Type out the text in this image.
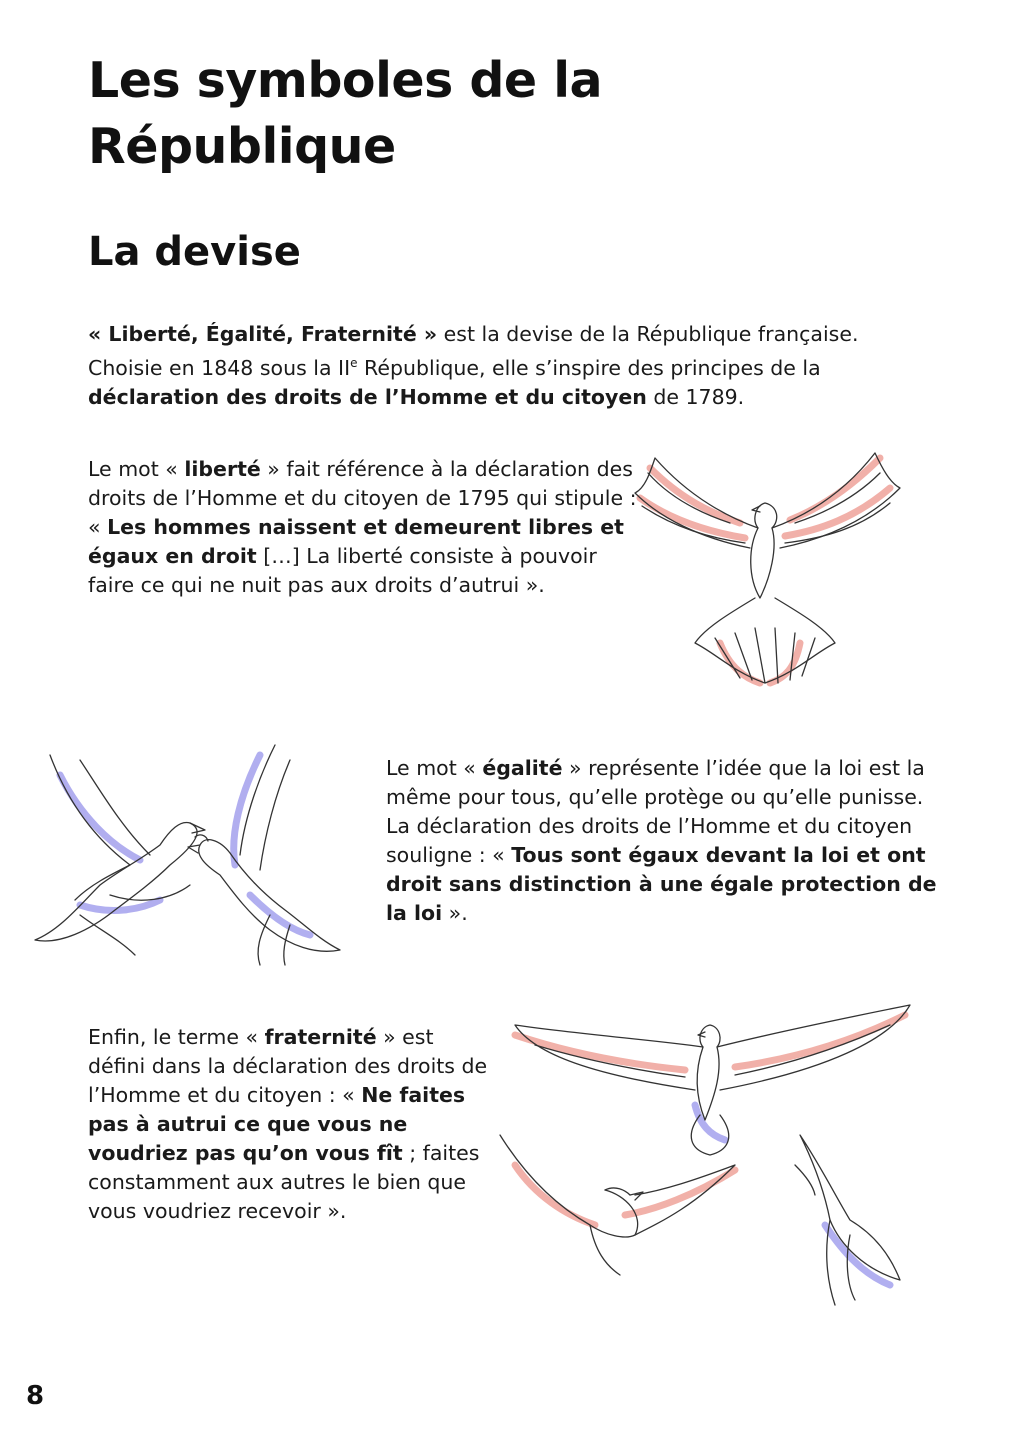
Les symboles de la République
La devise

« Liberté, Égalité, Fraternité » est la devise de la République française. Choisie en 1848 sous la IIe République, elle s’inspire des principes de la déclaration des droits de l’Homme et du citoyen de 1789.

Le mot « liberté » fait référence à la déclaration des droits de l’Homme et du citoyen de 1795 qui stipule : « Les hommes naissent et demeurent libres et égaux en droit […] La liberté consiste à pouvoir faire ce qui ne nuit pas aux droits d’autrui ».

Le mot « égalité » représente l’idée que la loi est la même pour tous, qu’elle protège ou qu’elle punisse. La déclaration des droits de l’Homme et du citoyen souligne : « Tous sont égaux devant la loi et ont droit sans distinction à une égale protection de la loi ».

Enfin, le terme « fraternité » est défini dans la déclaration des droits de l’Homme et du citoyen : « Ne faites pas à autrui ce que vous ne voudriez pas qu’on vous fît ; faites constamment aux autres le bien que vous voudriez recevoir ».

8
